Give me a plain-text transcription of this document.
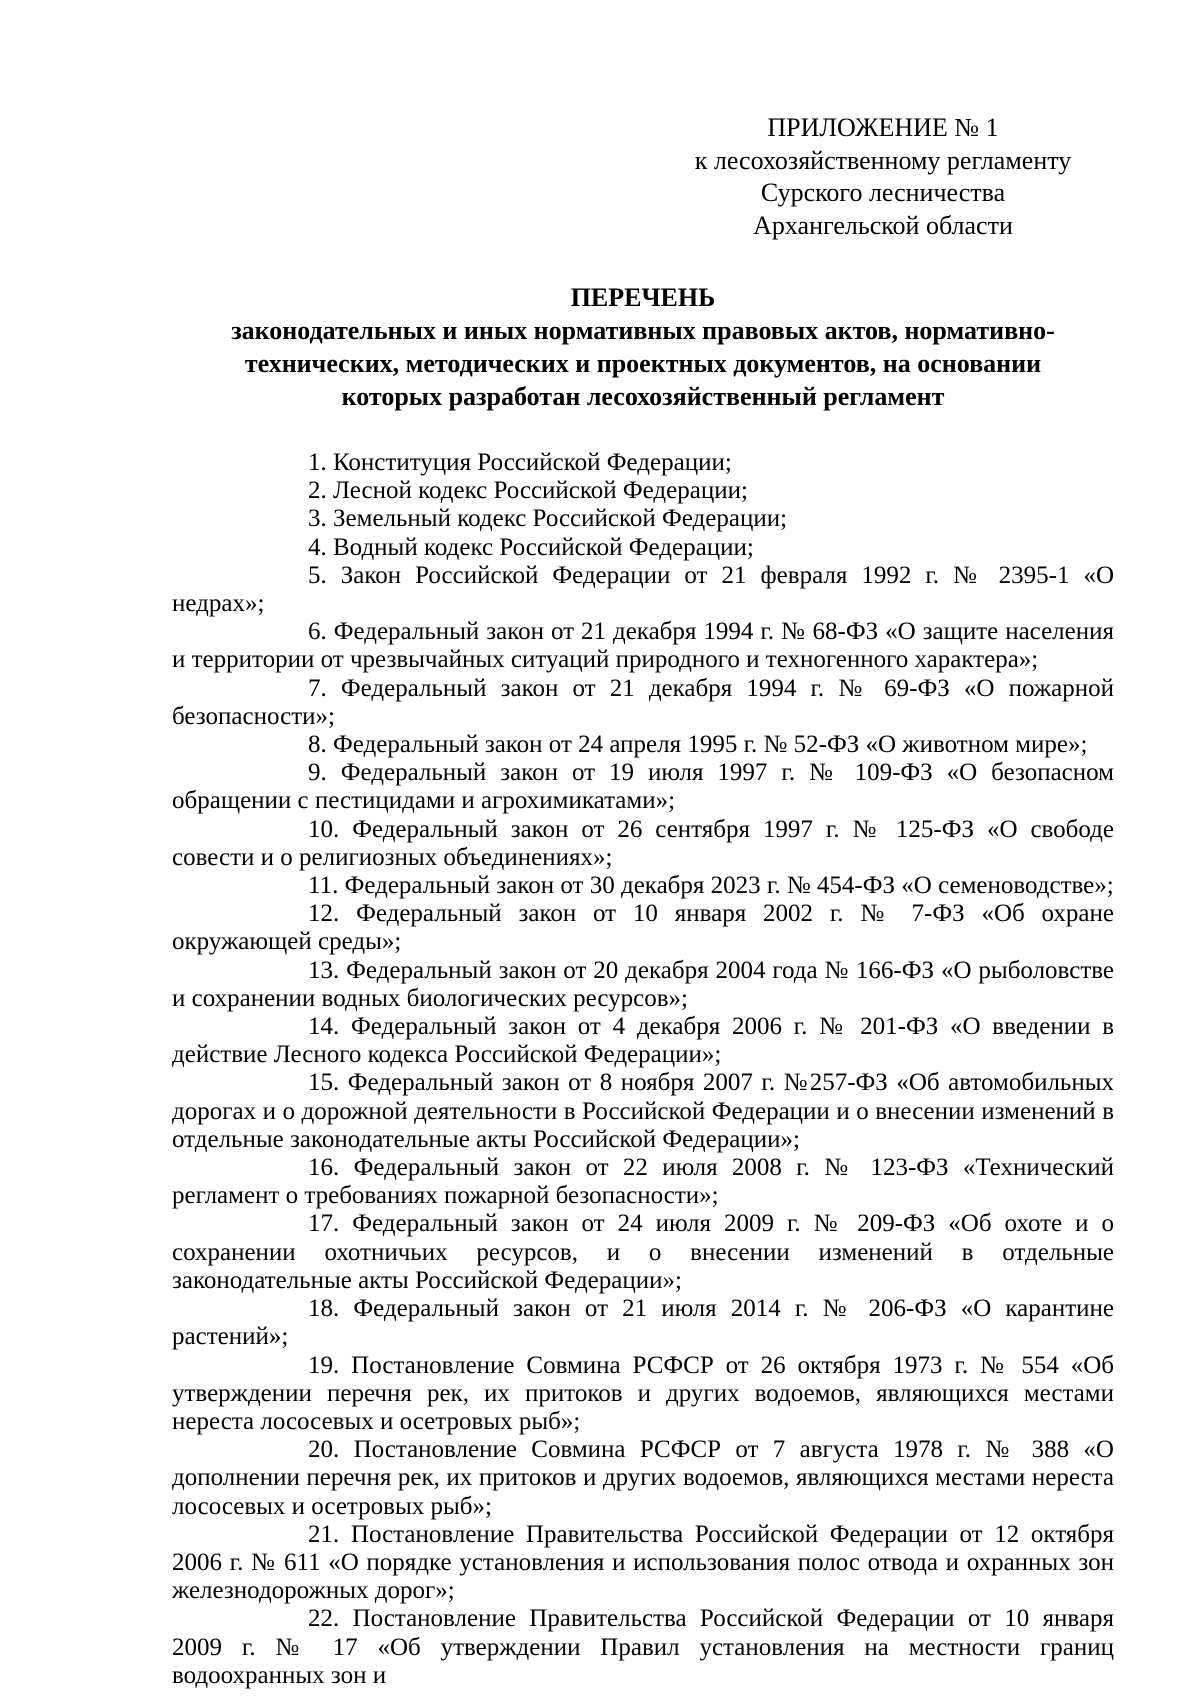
ПРИЛОЖЕНИЕ № 1
к лесохозяйственному регламенту
Сурского лесничества
Архангельской области
ПЕРЕЧЕНЬ
законодательных и иных нормативных правовых актов, нормативно-
технических, методических и проектных документов, на основании
которых разработан лесохозяйственный регламент

1. Конституция Российской Федерации;

2. Лесной кодекс Российской Федерации;

3. Земельный кодекс Российской Федерации;

4. Водный кодекс Российской Федерации;

5. Закон Российской Федерации от 21 февраля 1992 г. № 2395-1 «О недрах»;

6. Федеральный закон от 21 декабря 1994 г. № 68-ФЗ «О защите населения и территории от чрезвычайных ситуаций природного и техногенного характера»;

7. Федеральный закон от 21 декабря 1994 г. № 69-ФЗ «О пожарной безопасности»;

8. Федеральный закон от 24 апреля 1995 г. № 52-ФЗ «О животном мире»;

9. Федеральный закон от 19 июля 1997 г. № 109-ФЗ «О безопасном обращении с пестицидами и агрохимикатами»;

10. Федеральный закон от 26 сентября 1997 г. № 125-ФЗ «О свободе совести и о религиозных объединениях»;

11. Федеральный закон от 30 декабря 2023 г. № 454-ФЗ «О семеноводстве»;

12. Федеральный закон от 10 января 2002 г. № 7-ФЗ «Об охране окружающей среды»;

13. Федеральный закон от 20 декабря 2004 года № 166-ФЗ «О рыболовстве и сохранении водных биологических ресурсов»;

14. Федеральный закон от 4 декабря 2006 г. № 201-ФЗ «О введении в действие Лесного кодекса Российской Федерации»;

15. Федеральный закон от 8 ноября 2007 г. №257-ФЗ «Об автомобильных дорогах и о дорожной деятельности в Российской Федерации и о внесении изменений в отдельные законодательные акты Российской Федерации»;

16. Федеральный закон от 22 июля 2008 г. № 123-ФЗ «Технический регламент о требованиях пожарной безопасности»;

17. Федеральный закон от 24 июля 2009 г. № 209-ФЗ «Об охоте и о сохранении охотничьих ресурсов, и о внесении изменений в отдельные законодательные акты Российской Федерации»;

18. Федеральный закон от 21 июля 2014 г. № 206-ФЗ «О карантине растений»;

19. Постановление Совмина РСФСР от 26 октября 1973 г. № 554 «Об утверждении перечня рек, их притоков и других водоемов, являющихся местами нереста лососевых и осетровых рыб»;

20. Постановление Совмина РСФСР от 7 августа 1978 г. № 388 «О дополнении перечня рек, их притоков и других водоемов, являющихся местами нереста лососевых и осетровых рыб»;

21. Постановление Правительства Российской Федерации от 12 октября 2006 г. № 611 «О порядке установления и использования полос отвода и охранных зон железнодорожных дорог»;

22. Постановление Правительства Российской Федерации от 10 января 2009 г. № 17 «Об утверждении Правил установления на местности границ водоохранных зон и
